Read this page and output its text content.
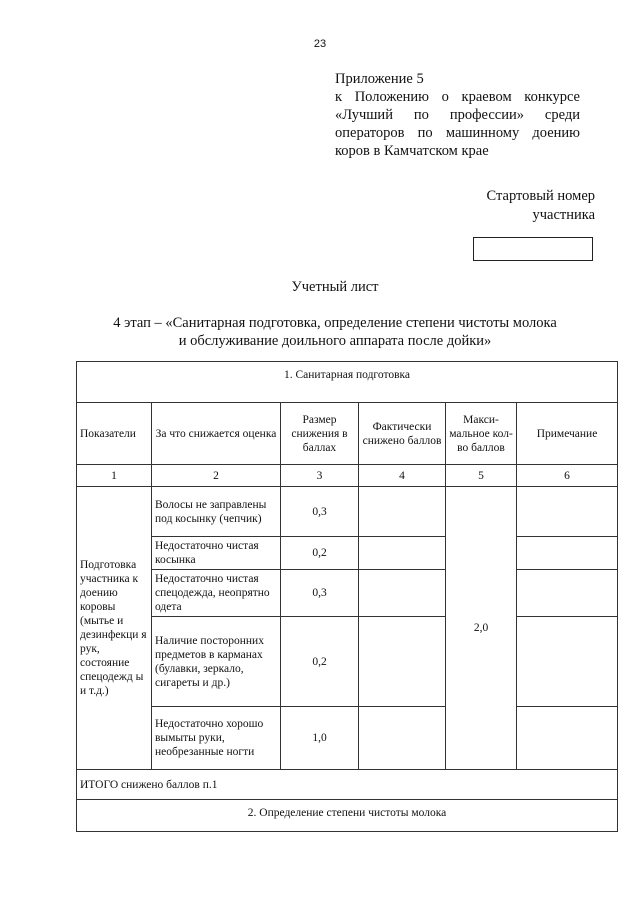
23
Приложение 5
к Положению о краевом конкурсе
«Лучший по профессии» среди
операторов по машинному доению
коров в Камчатском крае
Стартовый номер
участника
Учетный лист
4 этап – «Санитарная подготовка, определение степени чистоты молока
и обслуживание доильного аппарата после дойки»
1. Санитарная подготовка					
Показатели	За что снижается оценка	Размер снижения в баллах	Фактически снижено баллов	Макси-мальное кол-во баллов	Примечание
1	2	3	4	5	6
Подготовка участника к доению коровы (мытье и дезинфекци я рук, состояние спецодежд ы и т.д.)	Волосы не заправлены под косынку (чепчик)	0,3		2,0	
	Недостаточно чистая косынка	0,2			
	Недостаточно чистая спецодежда, неопрятно одета	0,3			
	Наличие посторонних предметов в карманах (булавки, зеркало, сигареты и др.)	0,2			
	Недостаточно хорошо вымыты руки, необрезанные ногти	1,0			
ИТОГО снижено баллов п.1					
2. Определение степени чистоты молока					
